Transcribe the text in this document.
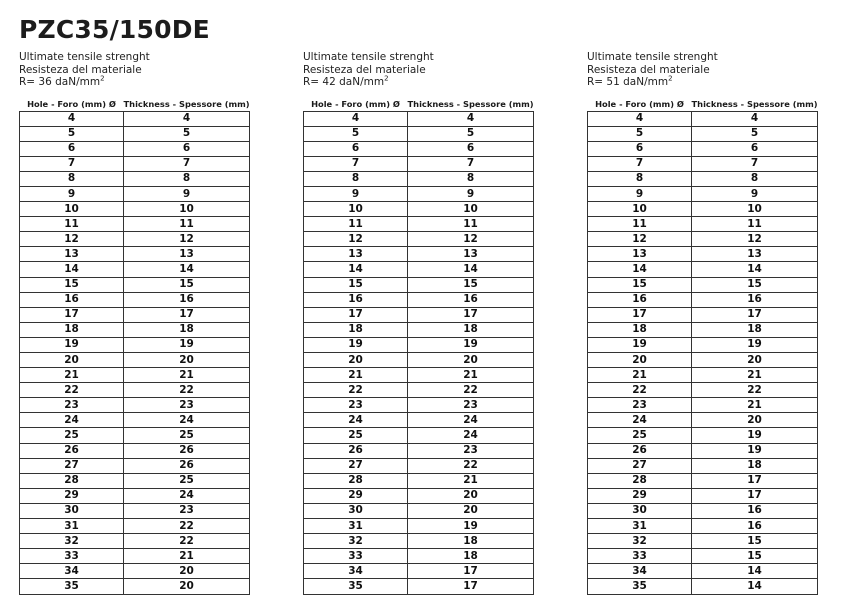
PZC35/150DE
Ultimate tensile strenght
Resisteza del materiale
R= 36 daN/$mm^2$
Hole - Foro (mm) Ø	Thickness - Spessore (mm)
4	4
5	5
6	6
7	7
8	8
9	9
10	10
11	11
12	12
13	13
14	14
15	15
16	16
17	17
18	18
19	19
20	20
21	21
22	22
23	23
24	24
25	25
26	26
27	26
28	25
29	24
30	23
31	22
32	22
33	21
34	20
35	20
Ultimate tensile strenght
Resisteza del materiale
R= 42 daN/$mm^2$
Hole - Foro (mm) Ø	Thickness - Spessore (mm)
4	4
5	5
6	6
7	7
8	8
9	9
10	10
11	11
12	12
13	13
14	14
15	15
16	16
17	17
18	18
19	19
20	20
21	21
22	22
23	23
24	24
25	24
26	23
27	22
28	21
29	20
30	20
31	19
32	18
33	18
34	17
35	17
Ultimate tensile strenght
Resisteza del materiale
R= 51 daN/$mm^2$
Hole - Foro (mm) Ø	Thickness - Spessore (mm)
4	4
5	5
6	6
7	7
8	8
9	9
10	10
11	11
12	12
13	13
14	14
15	15
16	16
17	17
18	18
19	19
20	20
21	21
22	22
23	21
24	20
25	19
26	19
27	18
28	17
29	17
30	16
31	16
32	15
33	15
34	14
35	14
